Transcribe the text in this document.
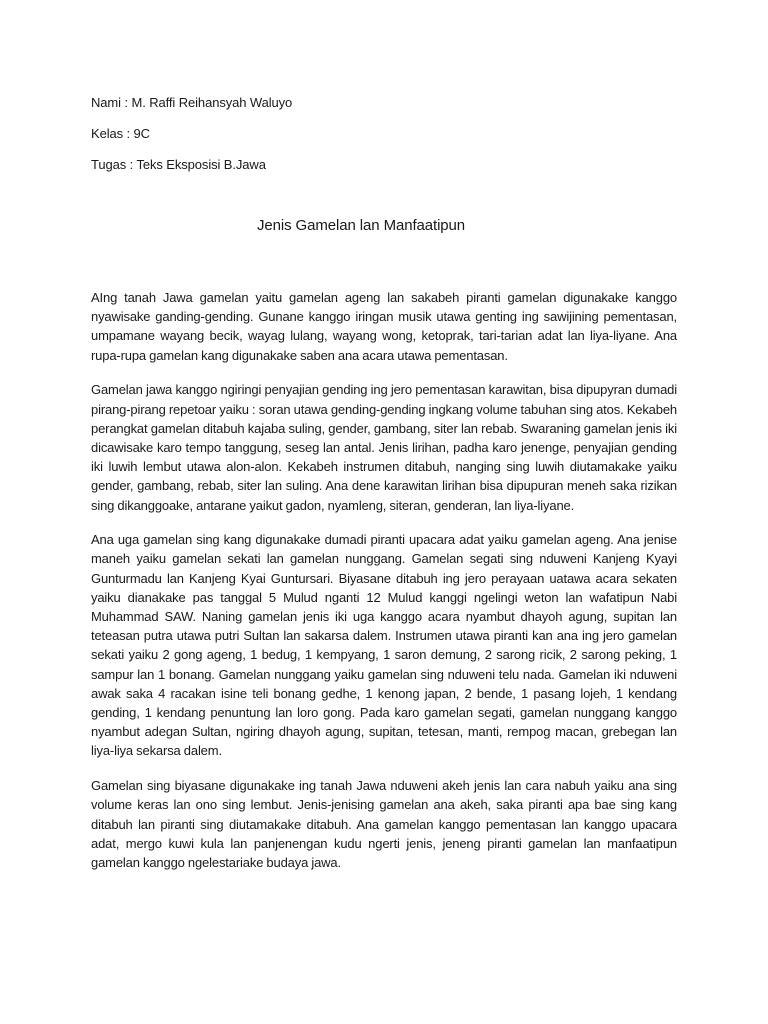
Nami : M. Raffi Reihansyah Waluyo
Kelas : 9C
Tugas : Teks Eksposisi B.Jawa
Jenis Gamelan lan Manfaatipun

AIng tanah Jawa gamelan yaitu gamelan ageng lan sakabeh piranti gamelan digunakake kanggo nyawisake ganding-gending. Gunane kanggo iringan musik utawa genting ing sawijining pementasan, umpamane wayang becik, wayag lulang, wayang wong, ketoprak, tari-tarian adat lan liya-liyane. Ana rupa-rupa gamelan kang digunakake saben ana acara utawa pementasan.

Gamelan jawa kanggo ngiringi penyajian gending ing jero pementasan karawitan, bisa dipupyran dumadi pirang-pirang repetoar yaiku : soran utawa gending-gending ingkang volume tabuhan sing atos. Kekabeh perangkat gamelan ditabuh kajaba suling, gender, gambang, siter lan rebab. Swaraning gamelan jenis iki dicawisake karo tempo tanggung, seseg lan antal. Jenis lirihan, padha karo jenenge, penyajian gending iki luwih lembut utawa alon-alon. Kekabeh instrumen ditabuh, nanging sing luwih diutamakake yaiku gender, gambang, rebab, siter lan suling. Ana dene karawitan lirihan bisa dipupuran meneh saka rizikan sing dikanggoake, antarane yaikut gadon, nyamleng, siteran, genderan, lan liya-liyane.

Ana uga gamelan sing kang digunakake dumadi piranti upacara adat yaiku gamelan ageng. Ana jenise maneh yaiku gamelan sekati lan gamelan nunggang. Gamelan segati sing nduweni Kanjeng Kyayi Gunturmadu lan Kanjeng Kyai Guntursari. Biyasane ditabuh ing jero perayaan uatawa acara sekaten yaiku dianakake pas tanggal 5 Mulud nganti 12 Mulud kanggi ngelingi weton lan wafatipun Nabi Muhammad SAW. Naning gamelan jenis iki uga kanggo acara nyambut dhayoh agung, supitan lan teteasan putra utawa putri Sultan lan sakarsa dalem. Instrumen utawa piranti kan ana ing jero gamelan sekati yaiku 2 gong ageng, 1 bedug, 1 kempyang, 1 saron demung, 2 sarong ricik, 2 sarong peking, 1 sampur lan 1 bonang. Gamelan nunggang yaiku gamelan sing nduweni telu nada. Gamelan iki nduweni awak saka 4 racakan isine teli bonang gedhe, 1 kenong japan, 2 bende, 1 pasang lojeh, 1 kendang gending, 1 kendang penuntung lan loro gong. Pada karo gamelan segati, gamelan nunggang kanggo nyambut adegan Sultan, ngiring dhayoh agung, supitan, tetesan, manti, rempog macan, grebegan lan liya-liya sekarsa dalem.

Gamelan sing biyasane digunakake ing tanah Jawa nduweni akeh jenis lan cara nabuh yaiku ana sing volume keras lan ono sing lembut. Jenis-jenising gamelan ana akeh, saka piranti apa bae sing kang ditabuh lan piranti sing diutamakake ditabuh. Ana gamelan kanggo pementasan lan kanggo upacara adat, mergo kuwi kula lan panjenengan kudu ngerti jenis, jeneng piranti gamelan lan manfaatipun gamelan kanggo ngelestariake budaya jawa.
